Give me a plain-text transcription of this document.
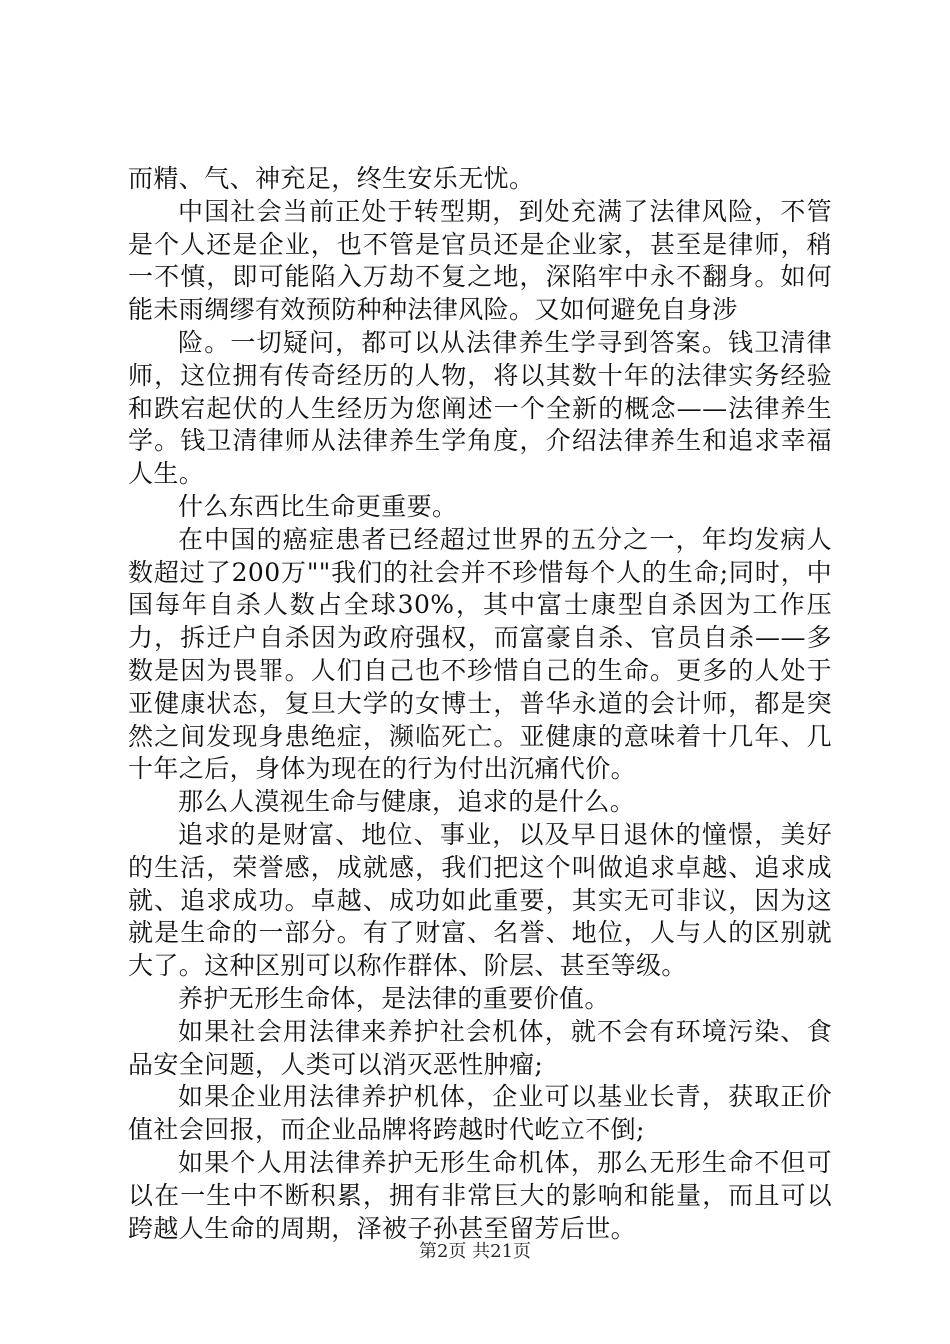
而精、气、神充足，终生安乐无忧。

中国社会当前正处于转型期，到处充满了法律风险，不管是个人还是企业，也不管是官员还是企业家，甚至是律师，稍一不慎，即可能陷入万劫不复之地，深陷牢中永不翻身。如何能未雨绸缪有效预防种种法律风险。又如何避免自身涉

险。一切疑问，都可以从法律养生学寻到答案。钱卫清律师，这位拥有传奇经历的人物，将以其数十年的法律实务经验和跌宕起伏的人生经历为您阐述一个全新的概念——法律养生学。钱卫清律师从法律养生学角度，介绍法律养生和追求幸福人生。

什么东西比生命更重要。

在中国的癌症患者已经超过世界的五分之一，年均发病人数超过了200万""我们的社会并不珍惜每个人的生命;同时，中国每年自杀人数占全球30%，其中富士康型自杀因为工作压力，拆迁户自杀因为政府强权，而富豪自杀、官员自杀——多数是因为畏罪。人们自己也不珍惜自己的生命。更多的人处于亚健康状态，复旦大学的女博士，普华永道的会计师，都是突然之间发现身患绝症，濒临死亡。亚健康的意味着十几年、几十年之后，身体为现在的行为付出沉痛代价。

那么人漠视生命与健康，追求的是什么。

追求的是财富、地位、事业，以及早日退休的憧憬，美好的生活，荣誉感，成就感，我们把这个叫做追求卓越、追求成就、追求成功。卓越、成功如此重要，其实无可非议，因为这就是生命的一部分。有了财富、名誉、地位，人与人的区别就大了。这种区别可以称作群体、阶层、甚至等级。

养护无形生命体，是法律的重要价值。

如果社会用法律来养护社会机体，就不会有环境污染、食品安全问题，人类可以消灭恶性肿瘤;

如果企业用法律养护机体，企业可以基业长青，获取正价值社会回报，而企业品牌将跨越时代屹立不倒;

如果个人用法律养护无形生命机体，那么无形生命不但可以在一生中不断积累，拥有非常巨大的影响和能量，而且可以跨越人生命的周期，泽被子孙甚至留芳后世。

第2页 共21页
